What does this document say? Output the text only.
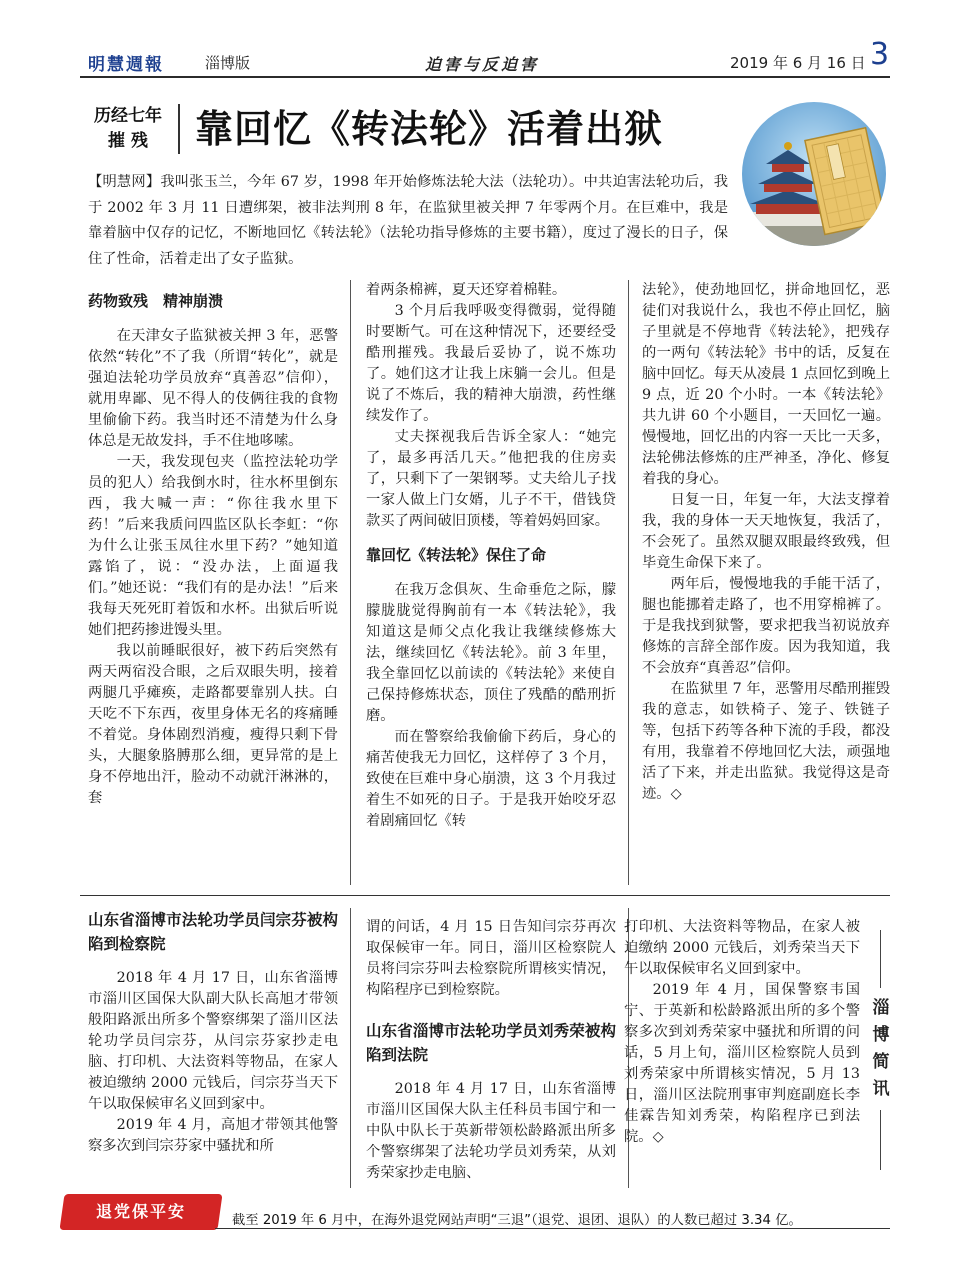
明慧週報	淄博版	迫害与反迫害	2019 年 6 月 16 日 3
历经七年
摧 残	靠回忆《转法轮》活着出狱
【明慧网】我叫张玉兰，今年 67 岁，1998 年开始修炼法轮大法（法轮功）。中共迫害法轮功后，我于 2002 年 3 月 11 日遭绑架，被非法判刑 8 年，在监狱里被关押 7 年零两个月。在巨难中，我是靠着脑中仅存的记忆，不断地回忆《转法轮》（法轮功指导修炼的主要书籍），度过了漫长的日子，保住了性命，活着走出了女子监狱。

药物致残　精神崩溃

在天津女子监狱被关押 3 年，恶警依然“转化”不了我（所谓“转化”，就是强迫法轮功学员放弃“真善忍”信仰），就用卑鄙、见不得人的伎俩往我的食物里偷偷下药。我当时还不清楚为什么身体总是无故发抖，手不住地哆嗦。

一天，我发现包夹（监控法轮功学员的犯人）给我倒水时，往水杯里倒东西，我大喊一声：“你往我水里下药！”后来我质问四监区队长李虹：“你为什么让张玉凤往水里下药？”她知道露馅了，说：“没办法，上面逼我们。”她还说：“我们有的是办法！”后来我每天死死盯着饭和水杯。出狱后听说她们把药掺进馒头里。

我以前睡眠很好，被下药后突然有两天两宿没合眼，之后双眼失明，接着两腿几乎瘫痪，走路都要靠别人扶。白天吃不下东西，夜里身体无名的疼痛睡不着觉。身体剧烈消瘦，瘦得只剩下骨头，大腿象胳膊那么细，更异常的是上身不停地出汗，脸动不动就汗淋淋的，套

着两条棉裤，夏天还穿着棉鞋。

3 个月后我呼吸变得微弱，觉得随时要断气。可在这种情况下，还要经受酷刑摧残。我最后妥协了，说不炼功了。她们这才让我上床躺一会儿。但是说了不炼后，我的精神大崩溃，药性继续发作了。

丈夫探视我后告诉全家人：“她完了，最多再活几天。”他把我的住房卖了，只剩下了一架钢琴。丈夫给儿子找一家人做上门女婿，儿子不干，借钱贷款买了两间破旧顶楼，等着妈妈回家。

靠回忆《转法轮》保住了命

在我万念俱灰、生命垂危之际，朦朦胧胧觉得胸前有一本《转法轮》，我知道这是师父点化我让我继续修炼大法，继续回忆《转法轮》。前 3 年里，我全靠回忆以前读的《转法轮》来使自己保持修炼状态，顶住了残酷的酷刑折磨。

而在警察给我偷偷下药后，身心的痛苦使我无力回忆，这样停了 3 个月，致使在巨难中身心崩溃，这 3 个月我过着生不如死的日子。于是我开始咬牙忍着剧痛回忆《转

法轮》，使劲地回忆，拼命地回忆，恶徒们对我说什么，我也不停止回忆，脑子里就是不停地背《转法轮》，把残存的一两句《转法轮》书中的话，反复在脑中回忆。每天从凌晨 1 点回忆到晚上 9 点，近 20 个小时。一本《转法轮》共九讲 60 个小题目，一天回忆一遍。慢慢地，回忆出的内容一天比一天多，法轮佛法修炼的庄严神圣，净化、修复着我的身心。

日复一日，年复一年，大法支撑着我，我的身体一天天地恢复，我活了，不会死了。虽然双腿双眼最终致残，但毕竟生命保下来了。

两年后，慢慢地我的手能干活了，腿也能挪着走路了，也不用穿棉裤了。于是我找到狱警，要求把我当初说放弃修炼的言辞全部作废。因为我知道，我不会放弃“真善忍”信仰。

在监狱里 7 年，恶警用尽酷刑摧毁我的意志，如铁椅子、笼子、铁链子等，包括下药等各种下流的手段，都没有用，我靠着不停地回忆大法，顽强地活了下来，并走出监狱。我觉得这是奇迹。◇

山东省淄博市法轮功学员闫宗芬被构陷到检察院

2018 年 4 月 17 日，山东省淄博市淄川区国保大队副大队长高旭才带领般阳路派出所多个警察绑架了淄川区法轮功学员闫宗芬，从闫宗芬家抄走电脑、打印机、大法资料等物品，在家人被迫缴纳 2000 元钱后，闫宗芬当天下午以取保候审名义回到家中。

2019 年 4 月，高旭才带领其他警察多次到闫宗芬家中骚扰和所

谓的问话，4 月 15 日告知闫宗芬再次取保候审一年。同日，淄川区检察院人员将闫宗芬叫去检察院所谓核实情况，构陷程序已到检察院。

山东省淄博市法轮功学员刘秀荣被构陷到法院

2018 年 4 月 17 日，山东省淄博市淄川区国保大队主任科员韦国宁和一中队中队长于英新带领松龄路派出所多个警察绑架了法轮功学员刘秀荣，从刘秀荣家抄走电脑、

打印机、大法资料等物品，在家人被迫缴纳 2000 元钱后，刘秀荣当天下午以取保候审名义回到家中。

2019 年 4 月，国保警察韦国宁、于英新和松龄路派出所的多个警察多次到刘秀荣家中骚扰和所谓的问话，5 月上旬，淄川区检察院人员到刘秀荣家中所谓核实情况，5 月 13 日，淄川区法院刑事审判庭副庭长李佳霖告知刘秀荣，构陷程序已到法院。◇

淄
博
简
讯
退党保平安	截至 2019 年 6 月中，在海外退党网站声明“三退”（退党、退团、退队）的人数已超过 3.34 亿。
